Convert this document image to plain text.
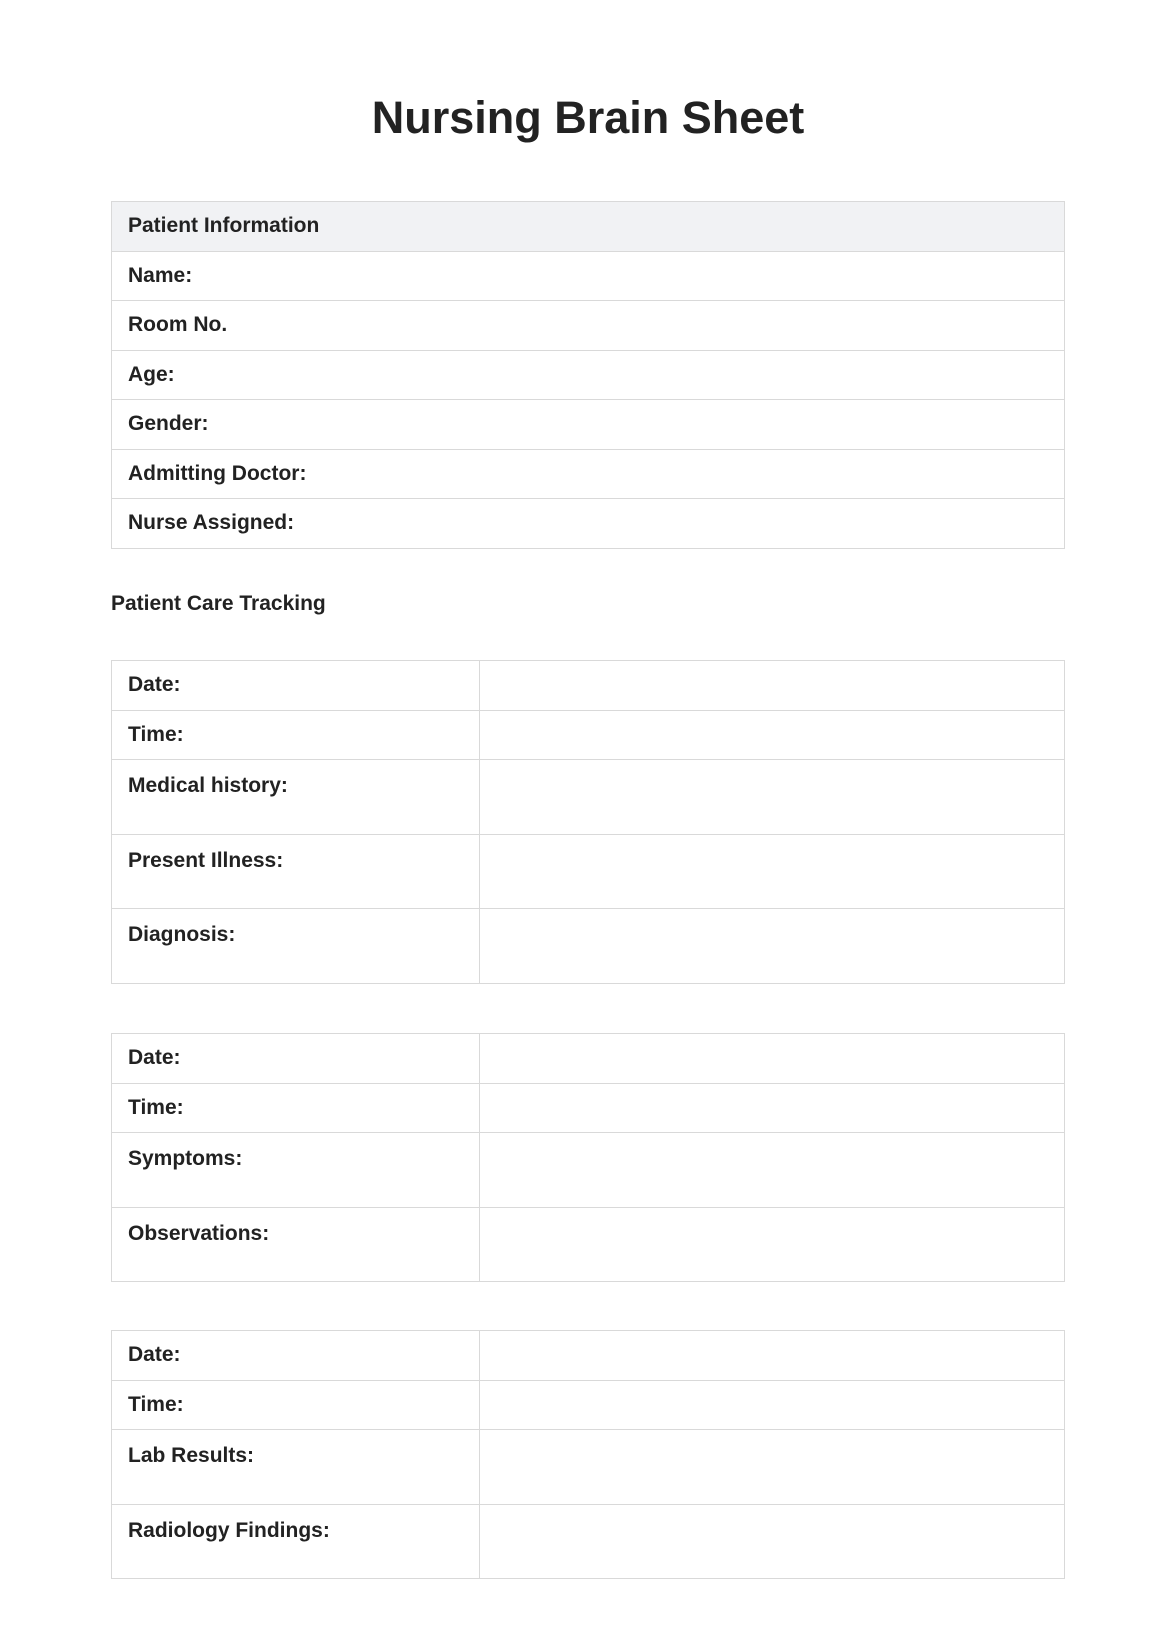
Nursing Brain Sheet
Patient Information
Name:
Room No.
Age:
Gender:
Admitting Doctor:
Nurse Assigned:

Patient Care Tracking

Date:	
Time:	
Medical history:	
Present Illness:	
Diagnosis:	
Date:	
Time:	
Symptoms:	
Observations:	
Date:	
Time:	
Lab Results:	
Radiology Findings:	
